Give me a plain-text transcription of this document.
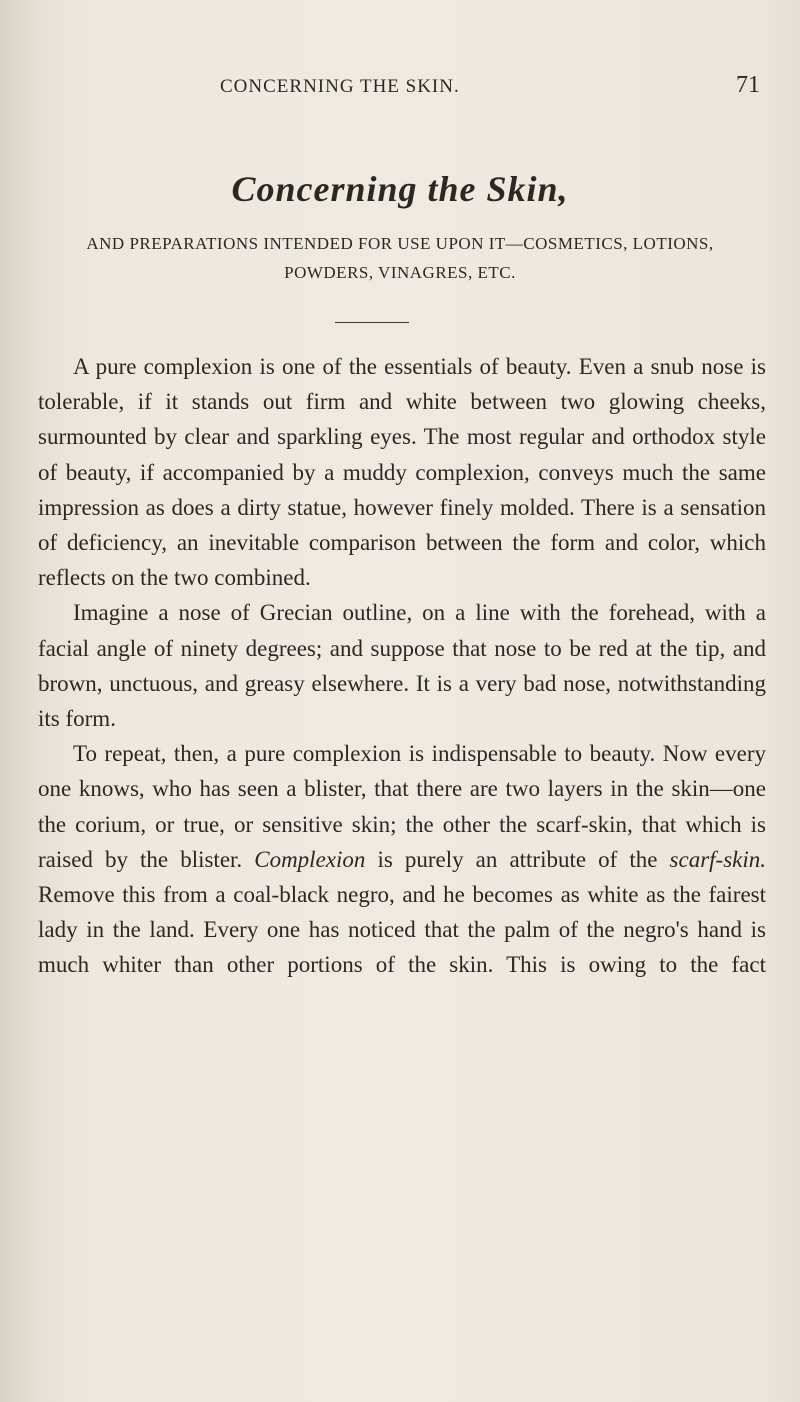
CONCERNING THE SKIN.	71
Concerning the Skin,
AND PREPARATIONS INTENDED FOR USE UPON IT—COSMETICS, LOTIONS, POWDERS, VINAGRES, ETC.

A pure complexion is one of the essentials of beauty. Even a snub nose is tolerable, if it stands out firm and white between two glowing cheeks, surmounted by clear and sparkling eyes. The most regular and orthodox style of beauty, if accompanied by a muddy complexion, conveys much the same impression as does a dirty statue, however finely molded. There is a sensation of deficiency, an inevitable comparison between the form and color, which reflects on the two combined.

Imagine a nose of Grecian outline, on a line with the forehead, with a facial angle of ninety degrees; and suppose that nose to be red at the tip, and brown, unctuous, and greasy elsewhere. It is a very bad nose, notwithstanding its form.

To repeat, then, a pure complexion is indispensable to beauty. Now every one knows, who has seen a blister, that there are two layers in the skin—one the corium, or true, or sensitive skin; the other the scarf-skin, that which is raised by the blister. Complexion is purely an attribute of the scarf-skin. Remove this from a coal-black negro, and he becomes as white as the fairest lady in the land. Every one has noticed that the palm of the negro's hand is much whiter than other portions of the skin. This is owing to the fact
